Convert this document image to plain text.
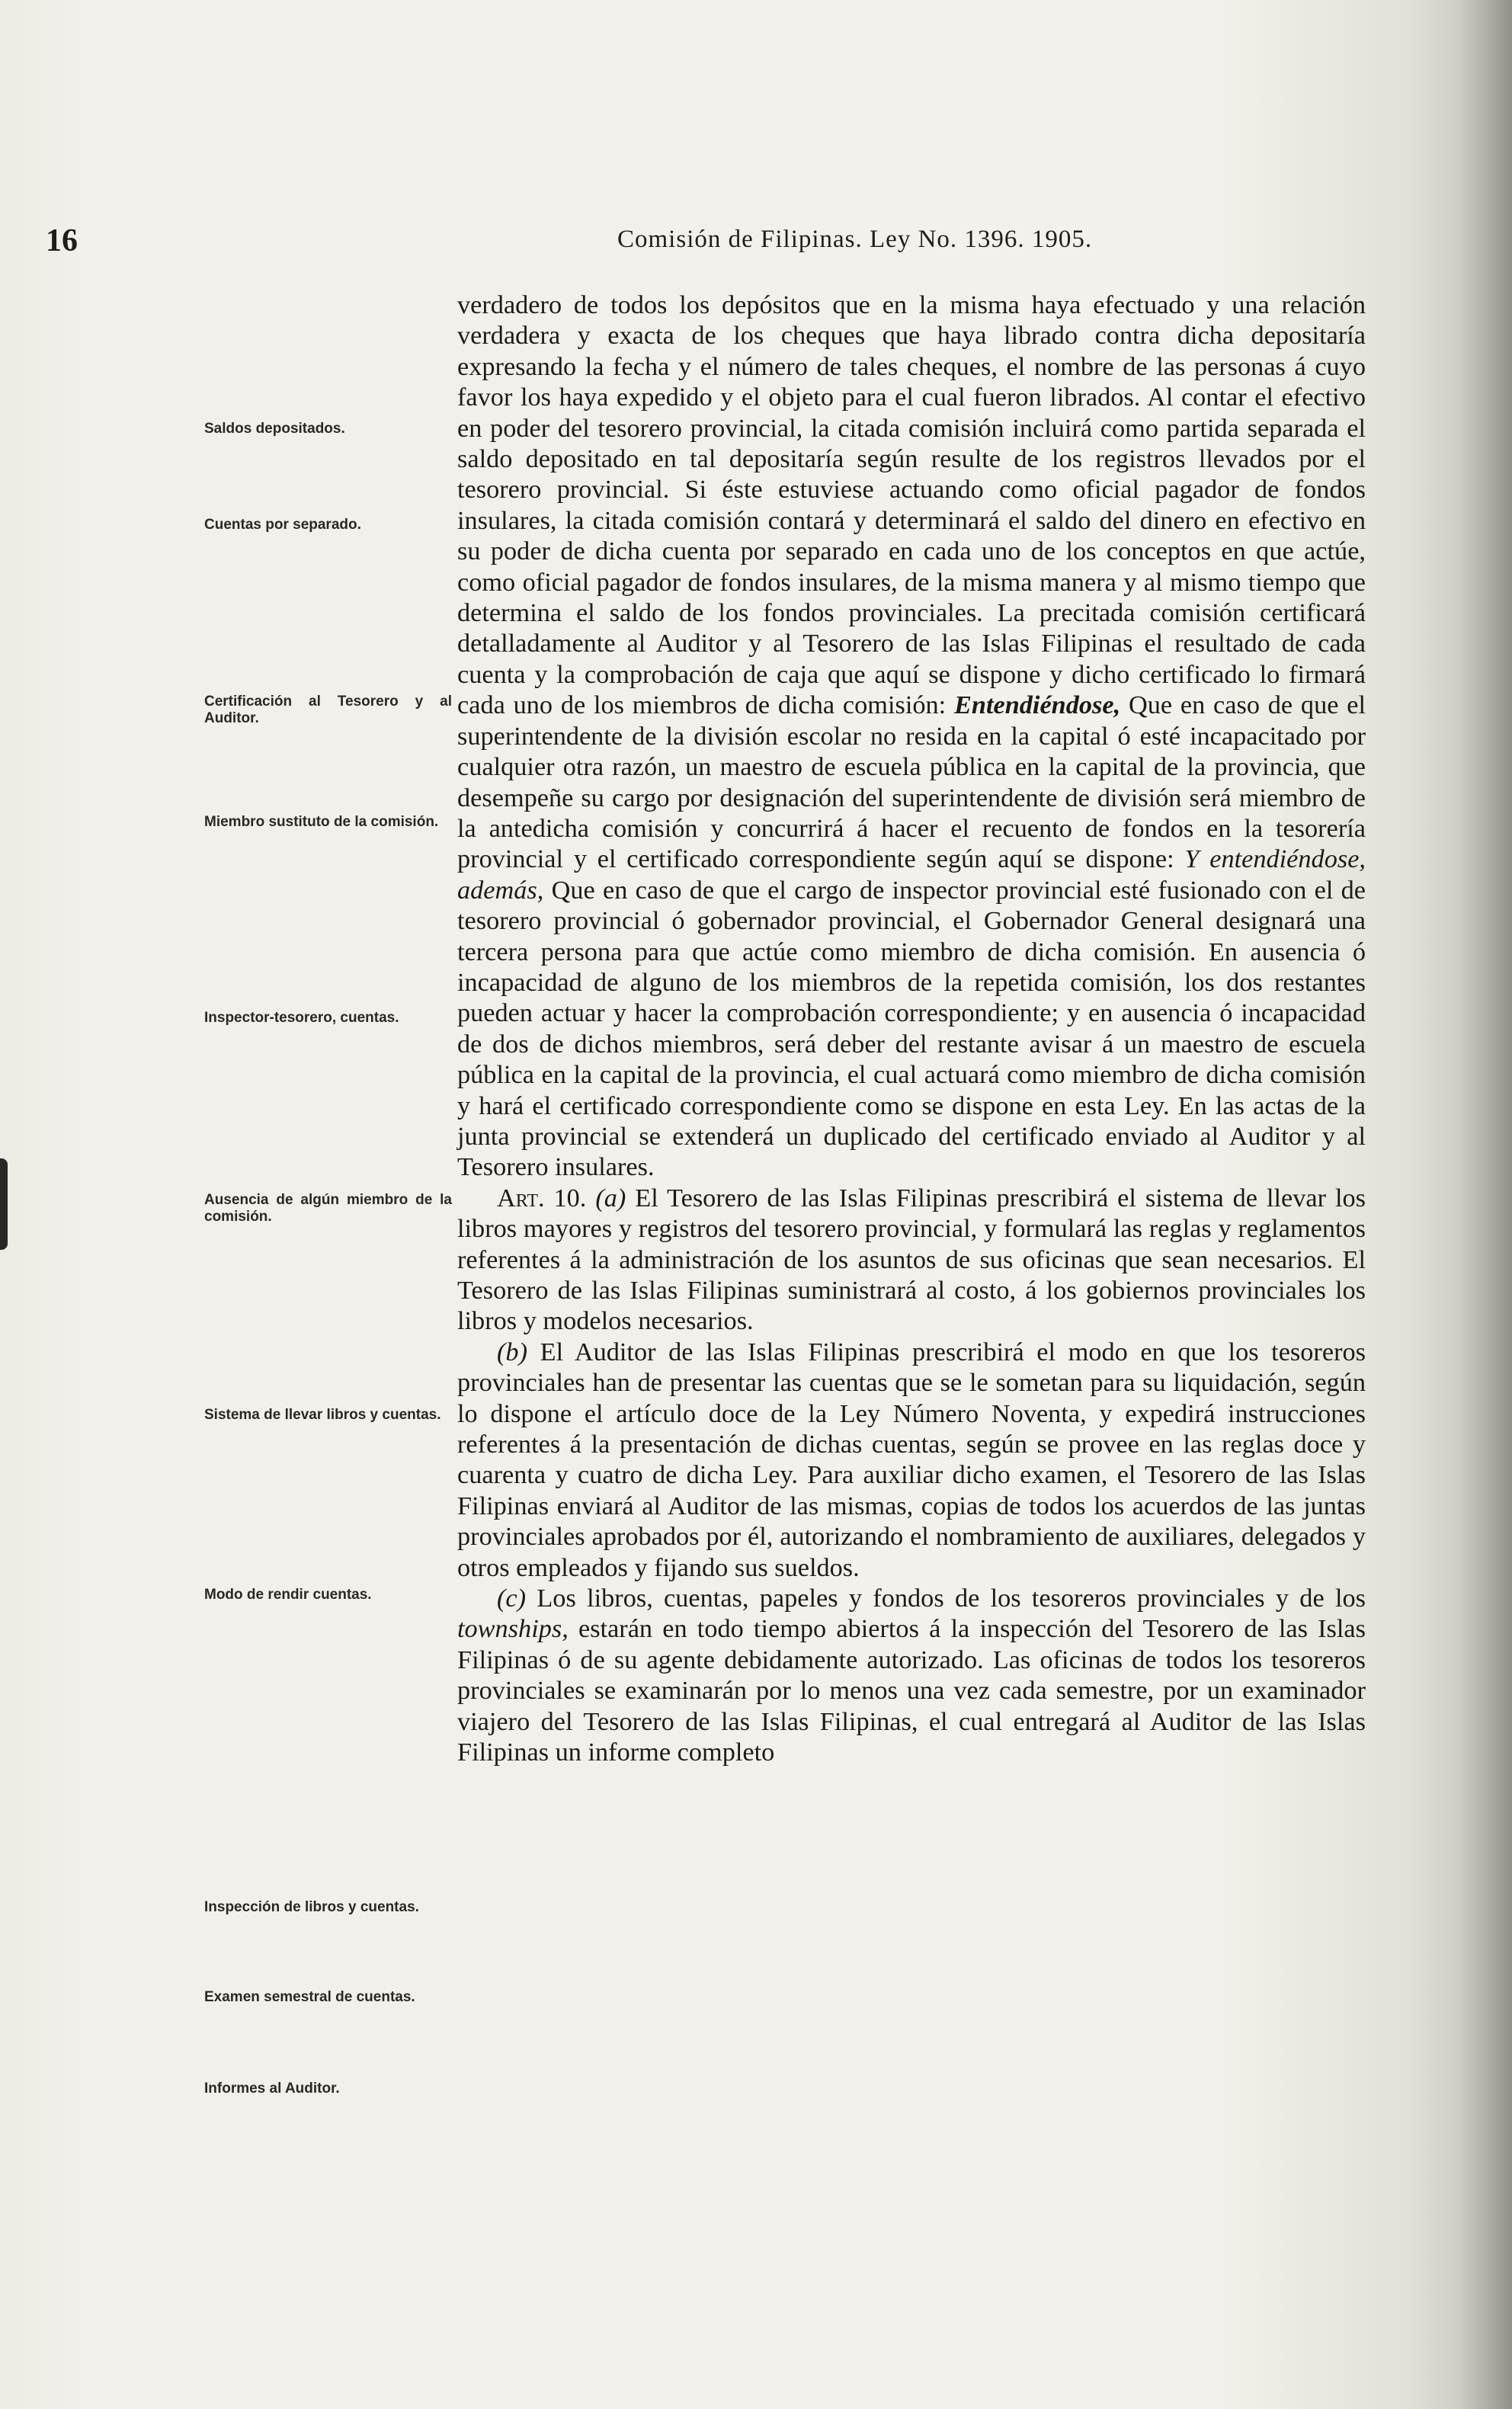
16	Comisión de Filipinas. Ley No. 1396. 1905.
Saldos depositados.
Cuentas por separado.
Certificación al Tesorero y al Auditor.
Miembro sustituto de la comisión.
Inspector-tesorero, cuentas.
Ausencia de algún miembro de la comisión.
Sistema de llevar libros y cuentas.
Modo de rendir cuentas.
Inspección de libros y cuentas.
Examen semestral de cuentas.
Informes al Auditor.

verdadero de todos los depósitos que en la misma haya efectuado y una relación verdadera y exacta de los cheques que haya librado contra dicha depositaría expresando la fecha y el número de tales cheques, el nombre de las personas á cuyo favor los haya expedido y el objeto para el cual fueron librados. Al contar el efectivo en poder del tesorero provincial, la citada comisión incluirá como partida separada el saldo depositado en tal depositaría según resulte de los registros llevados por el tesorero provincial. Si éste estuviese actuando como oficial pagador de fondos insulares, la citada comisión contará y determinará el saldo del dinero en efectivo en su poder de dicha cuenta por separado en cada uno de los conceptos en que actúe, como oficial pagador de fondos insulares, de la misma manera y al mismo tiempo que determina el saldo de los fondos provinciales. La precitada comisión certificará detalladamente al Auditor y al Tesorero de las Islas Filipinas el resultado de cada cuenta y la comprobación de caja que aquí se dispone y dicho certificado lo firmará cada uno de los miembros de dicha comisión: Entendiéndose, Que en caso de que el superintendente de la división escolar no resida en la capital ó esté incapacitado por cualquier otra razón, un maestro de escuela pública en la capital de la provincia, que desempeñe su cargo por designación del superintendente de división será miembro de la antedicha comisión y concurrirá á hacer el recuento de fondos en la tesorería provincial y el certificado correspondiente según aquí se dispone: Y entendiéndose, además, Que en caso de que el cargo de inspector provincial esté fusionado con el de tesorero provincial ó gobernador provincial, el Gobernador General designará una tercera persona para que actúe como miembro de dicha comisión. En ausencia ó incapacidad de alguno de los miembros de la repetida comisión, los dos restantes pueden actuar y hacer la comprobación correspondiente; y en ausencia ó incapacidad de dos de dichos miembros, será deber del restante avisar á un maestro de escuela pública en la capital de la provincia, el cual actuará como miembro de dicha comisión y hará el certificado correspondiente como se dispone en esta Ley. En las actas de la junta provincial se extenderá un duplicado del certificado enviado al Auditor y al Tesorero insulares.

Art. 10. (a) El Tesorero de las Islas Filipinas prescribirá el sistema de llevar los libros mayores y registros del tesorero provincial, y formulará las reglas y reglamentos referentes á la administración de los asuntos de sus oficinas que sean necesarios. El Tesorero de las Islas Filipinas suministrará al costo, á los gobiernos provinciales los libros y modelos necesarios.

(b) El Auditor de las Islas Filipinas prescribirá el modo en que los tesoreros provinciales han de presentar las cuentas que se le sometan para su liquidación, según lo dispone el artículo doce de la Ley Número Noventa, y expedirá instrucciones referentes á la presentación de dichas cuentas, según se provee en las reglas doce y cuarenta y cuatro de dicha Ley. Para auxiliar dicho examen, el Tesorero de las Islas Filipinas enviará al Auditor de las mismas, copias de todos los acuerdos de las juntas provinciales aprobados por él, autorizando el nombramiento de auxiliares, delegados y otros empleados y fijando sus sueldos.

(c) Los libros, cuentas, papeles y fondos de los tesoreros provinciales y de los townships, estarán en todo tiempo abiertos á la inspección del Tesorero de las Islas Filipinas ó de su agente debidamente autorizado. Las oficinas de todos los tesoreros provinciales se examinarán por lo menos una vez cada semestre, por un examinador viajero del Tesorero de las Islas Filipinas, el cual entregará al Auditor de las Islas Filipinas un informe completo
